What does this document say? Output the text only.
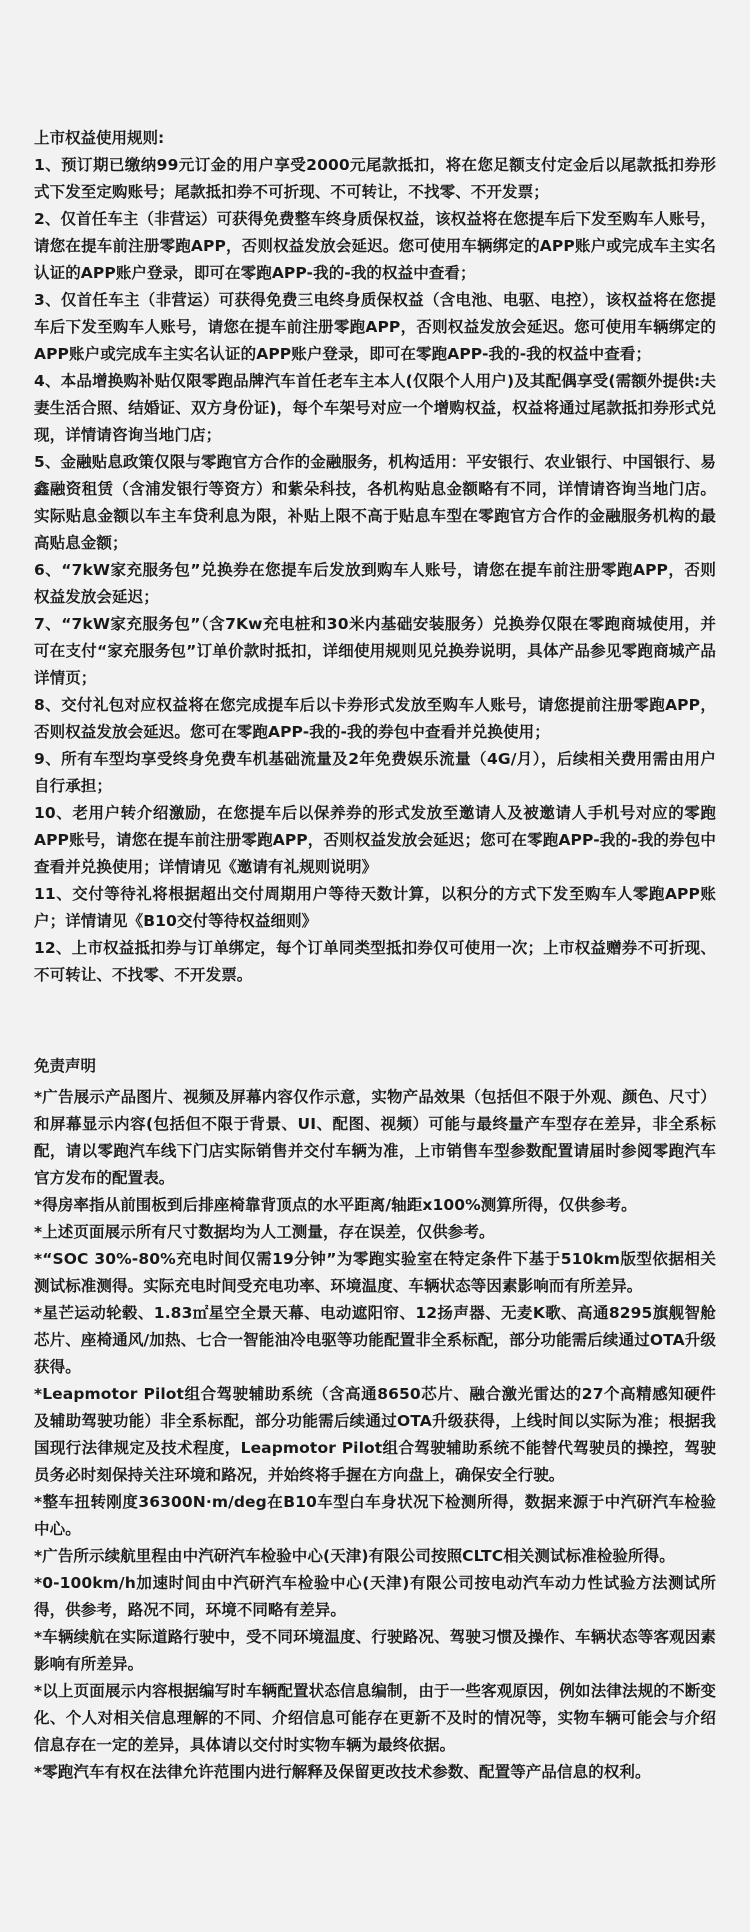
上市权益使用规则:
1、预订期已缴纳99元订金的用户享受2000元尾款抵扣，将在您足额支付定金后以尾款抵扣券形式下发至定购账号；尾款抵扣券不可折现、不可转让，不找零、不开发票；
2、仅首任车主（非营运）可获得免费整车终身质保权益，该权益将在您提车后下发至购车人账号，请您在提车前注册零跑APP，否则权益发放会延迟。您可使用车辆绑定的APP账户或完成车主实名认证的APP账户登录，即可在零跑APP-我的-我的权益中查看；
3、仅首任车主（非营运）可获得免费三电终身质保权益（含电池、电驱、电控），该权益将在您提车后下发至购车人账号，请您在提车前注册零跑APP，否则权益发放会延迟。您可使用车辆绑定的APP账户或完成车主实名认证的APP账户登录，即可在零跑APP-我的-我的权益中查看；
4、本品增换购补贴仅限零跑品牌汽车首任老车主本人(仅限个人用户)及其配偶享受(需额外提供:夫妻生活合照、结婚证、双方身份证)，每个车架号对应一个增购权益，权益将通过尾款抵扣券形式兑现，详情请咨询当地门店；
5、金融贴息政策仅限与零跑官方合作的金融服务，机构适用：平安银行、农业银行、中国银行、易鑫融资租赁（含浦发银行等资方）和紫朵科技，各机构贴息金额略有不同，详情请咨询当地门店。实际贴息金额以车主车贷利息为限，补贴上限不高于贴息车型在零跑官方合作的金融服务机构的最高贴息金额；
6、“7kW家充服务包”兑换券在您提车后发放到购车人账号，请您在提车前注册零跑APP，否则权益发放会延迟；
7、“7kW家充服务包”（含7Kw充电桩和30米内基础安装服务）兑换券仅限在零跑商城使用，并可在支付“家充服务包”订单价款时抵扣，详细使用规则见兑换券说明，具体产品参见零跑商城产品详情页；
8、交付礼包对应权益将在您完成提车后以卡券形式发放至购车人账号，请您提前注册零跑APP，否则权益发放会延迟。您可在零跑APP-我的-我的券包中查看并兑换使用；
9、所有车型均享受终身免费车机基础流量及2年免费娱乐流量（4G/月），后续相关费用需由用户自行承担；
10、老用户转介绍激励，在您提车后以保养券的形式发放至邀请人及被邀请人手机号对应的零跑APP账号，请您在提车前注册零跑APP，否则权益发放会延迟；您可在零跑APP-我的-我的券包中查看并兑换使用；详情请见《邀请有礼规则说明》
11、交付等待礼将根据超出交付周期用户等待天数计算，以积分的方式下发至购车人零跑APP账户；详情请见《B10交付等待权益细则》
12、上市权益抵扣券与订单绑定，每个订单同类型抵扣券仅可使用一次；上市权益赠券不可折现、不可转让、不找零、不开发票。
免责声明
*广告展示产品图片、视频及屏幕内容仅作示意，实物产品效果（包括但不限于外观、颜色、尺寸）和屏幕显示内容(包括但不限于背景、UI、配图、视频）可能与最终量产车型存在差异，非全系标配，请以零跑汽车线下门店实际销售并交付车辆为准，上市销售车型参数配置请届时参阅零跑汽车官方发布的配置表。
*得房率指从前围板到后排座椅靠背顶点的水平距离/轴距x100%测算所得，仅供参考。
*上述页面展示所有尺寸数据均为人工测量，存在误差，仅供参考。
*“SOC 30%-80%充电时间仅需19分钟”为零跑实验室在特定条件下基于510km版型依据相关测试标准测得。实际充电时间受充电功率、环境温度、车辆状态等因素影响而有所差异。
*星芒运动轮毂、1.83㎡星空全景天幕、电动遮阳帘、12扬声器、无麦K歌、高通8295旗舰智舱芯片、座椅通风/加热、七合一智能油冷电驱等功能配置非全系标配，部分功能需后续通过OTA升级获得。
*Leapmotor Pilot组合驾驶辅助系统（含高通8650芯片、融合激光雷达的27个高精感知硬件及辅助驾驶功能）非全系标配，部分功能需后续通过OTA升级获得，上线时间以实际为准；根据我国现行法律规定及技术程度，Leapmotor Pilot组合驾驶辅助系统不能替代驾驶员的操控，驾驶员务必时刻保持关注环境和路况，并始终将手握在方向盘上，确保安全行驶。
*整车扭转刚度36300N·m/deg在B10车型白车身状况下检测所得，数据来源于中汽研汽车检验中心。
*广告所示续航里程由中汽研汽车检验中心(天津)有限公司按照CLTC相关测试标准检验所得。
*0-100km/h加速时间由中汽研汽车检验中心(天津)有限公司按电动汽车动力性试验方法测试所得，供参考，路况不同，环境不同略有差异。
*车辆续航在实际道路行驶中，受不同环境温度、行驶路况、驾驶习惯及操作、车辆状态等客观因素影响有所差异。
*以上页面展示内容根据编写时车辆配置状态信息编制，由于一些客观原因，例如法律法规的不断变化、个人对相关信息理解的不同、介绍信息可能存在更新不及时的情况等，实物车辆可能会与介绍信息存在一定的差异，具体请以交付时实物车辆为最终依据。
*零跑汽车有权在法律允许范围内进行解释及保留更改技术参数、配置等产品信息的权利。
